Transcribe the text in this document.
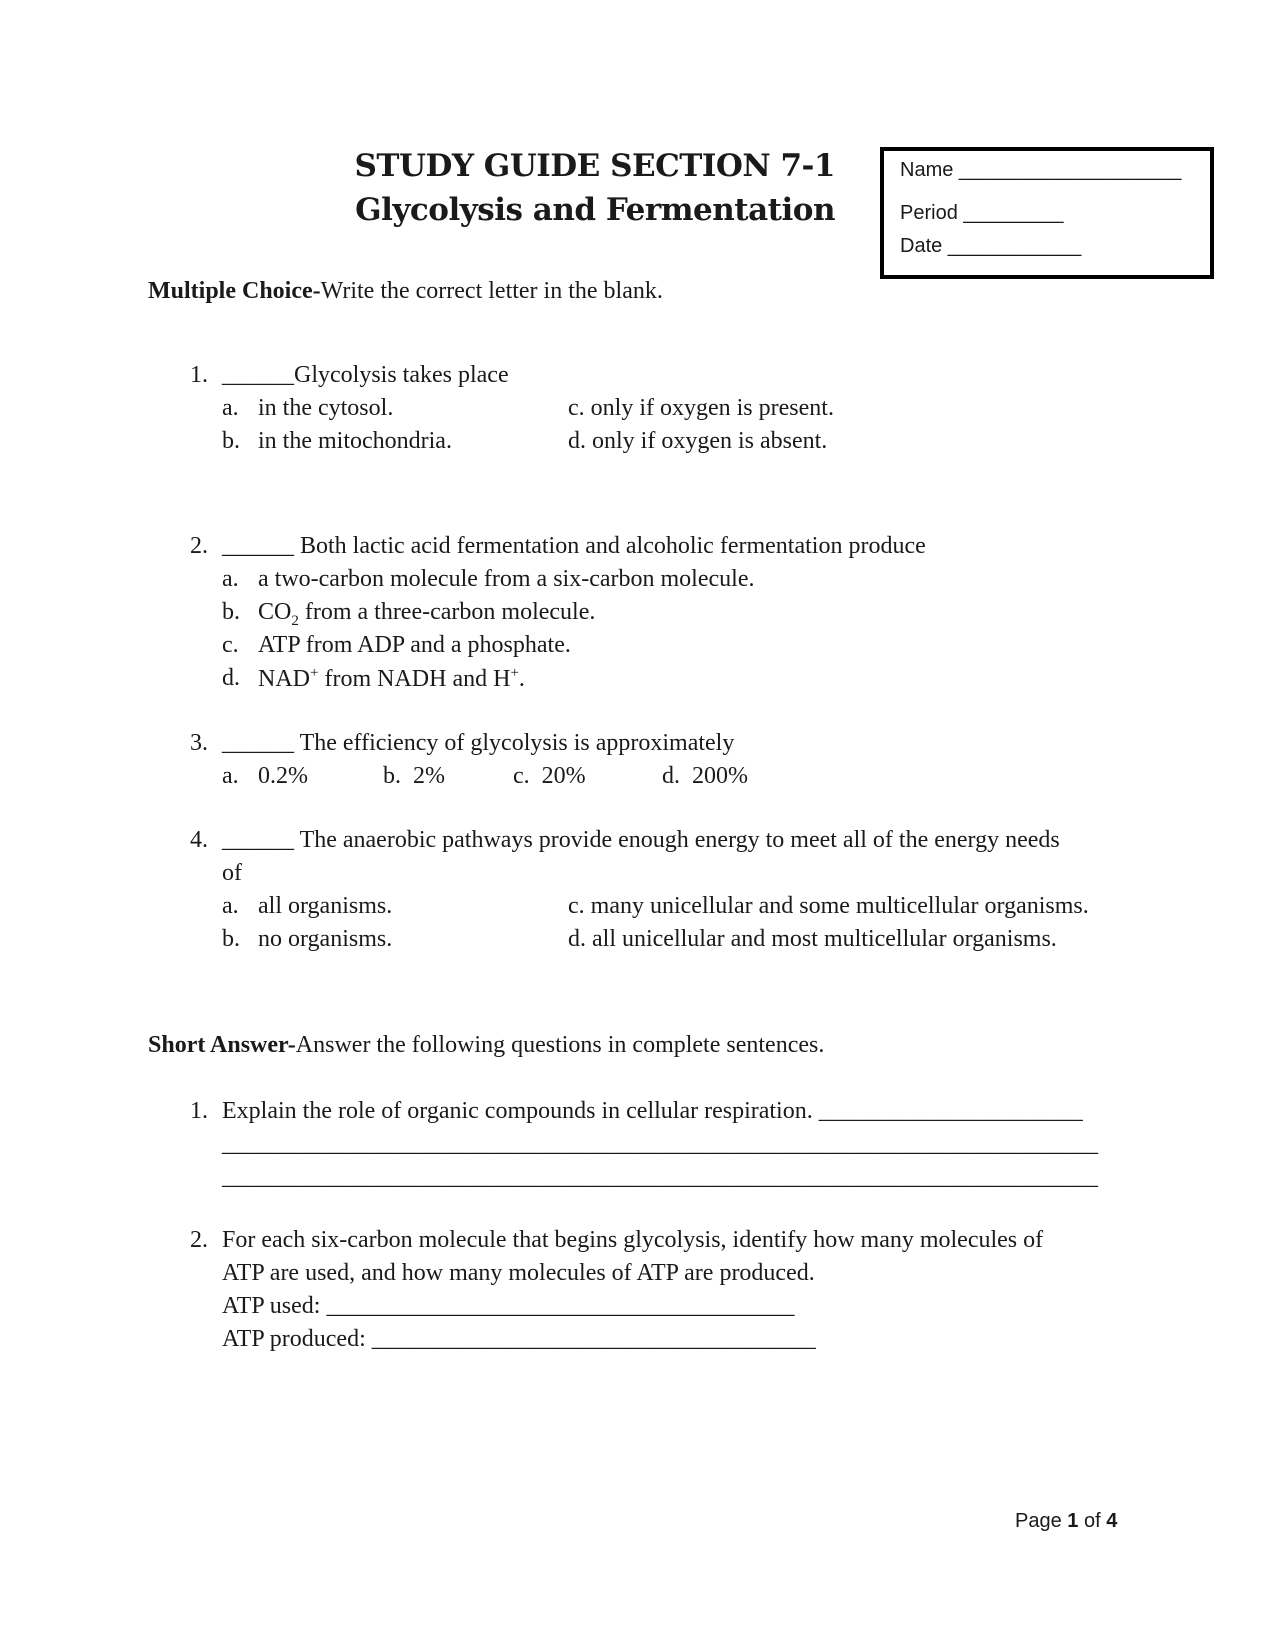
STUDY GUIDE SECTION 7-1
Glycolysis and Fermentation
Name ____________________
Period _________
Date ____________
Multiple Choice-Write the correct letter in the blank.
1. ______Glycolysis takes place
a. in the cytosol.
b. in the mitochondria.
c. only if oxygen is present.
d. only if oxygen is absent.
2. ______ Both lactic acid fermentation and alcoholic fermentation produce
a. a two-carbon molecule from a six-carbon molecule.
b. $CO_2$ from a three-carbon molecule.
c. ATP from ADP and a phosphate.
d. NAD+ from NADH and H+.
3. ______ The efficiency of glycolysis is approximately
a. 0.2%	b.  2%	c.  20%	d.  200%
4. ______ The anaerobic pathways provide enough energy to meet all of the energy needs
of
a. all organisms.
b. no organisms.
c. many unicellular and some multicellular organisms.
d. all unicellular and most multicellular organisms.
Short Answer-Answer the following questions in complete sentences.
1. Explain the role of organic compounds in cellular respiration. ______________________
_________________________________________________________________________
_________________________________________________________________________
2. For each six-carbon molecule that begins glycolysis, identify how many molecules of
ATP are used, and how many molecules of ATP are produced.
ATP used: _______________________________________
ATP produced: _____________________________________
Page 1 of 4
